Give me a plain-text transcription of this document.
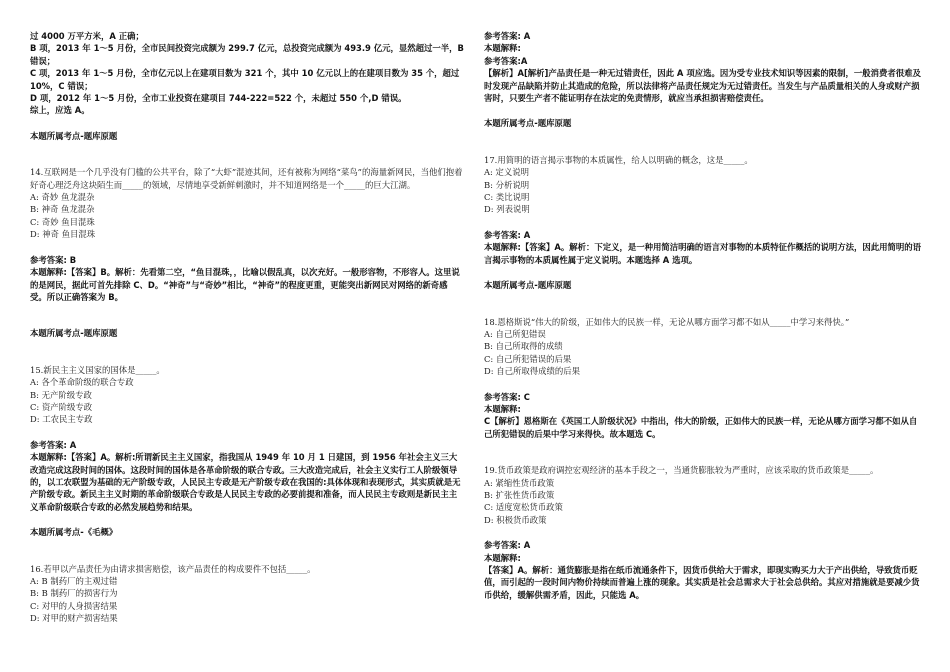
过 4000 万平方米，A 正确；

B 项，2013 年 1～5 月份，全市民间投资完成额为 299.7 亿元，总投资完成额为 493.9 亿元，显然超过一半，B 错误；

C 项，2013 年 1～5 月份，全市亿元以上在建项目数为 321 个，其中 10 亿元以上的在建项目数为 35 个，超过 10%，C 错误；

D 项，2012 年 1～5 月份，全市工业投资在建项目 744-222=522 个，未超过 550 个,D 错误。

综上，应选 A。

本题所属考点-题库原题

14.互联网是一个几乎没有门槛的公共平台，除了“大虾”混迹其间，还有被称为网络“菜鸟”的海量新网民，当他们抱着好奇心理泛舟这块陌生而_____的领域，尽情地享受新鲜刺激时，并不知道网络是一个_____的巨大江湖。

A: 奇妙 鱼龙混杂

B: 神奇 鱼龙混杂

C: 奇妙 鱼目混珠

D: 神奇 鱼目混珠

参考答案: B

本题解释:【答案】B。解析：先看第二空，“鱼目混珠，，比喻以假乱真，以次充好。一般形容物，不形容人。这里说的是网民，据此可首先排除 C、D。“神奇”与“奇妙”相比，“神奇”的程度更重，更能突出新网民对网络的新奇感受。所以正确答案为 B。

本题所属考点-题库原题

15.新民主主义国家的国体是_____。

A: 各个革命阶级的联合专政

B: 无产阶级专政

C: 资产阶级专政

D: 工农民主专政

参考答案: A

本题解释:【答案】A。解析:所谓新民主主义国家，指我国从 1949 年 10 月 1 日建国，到 1956 年社会主义三大改造完成这段时间的国体。这段时间的国体是各革命阶级的联合专政。三大改造完成后，社会主义实行工人阶级领导的，以工农联盟为基础的无产阶级专政，人民民主专政是无产阶级专政在我国的:具体体现和表现形式，其实质就是无产阶级专政。新民主主义时期的革命阶级联合专政是人民民主专政的必要前提和准备，而人民民主专政则是新民主主义革命阶级联合专政的必然发展趋势和结果。

本题所属考点-《毛概》

16.若甲以产品责任为由请求损害赔偿，该产品责任的构成要件不包括_____。

A: B 制药厂的主观过错

B: B 制药厂的损害行为

C: 对甲的人身损害结果

D: 对甲的财产损害结果

参考答案: A

本题解释:

参考答案:A

【解析】A[解析]产品责任是一种无过错责任，因此 A 项应选。因为受专业技术知识等因素的限制，一般消费者很难及时发现产品缺陷并防止其造成的危险，所以法律将产品责任规定为无过错责任。当发生与产品质量相关的人身或财产损害时，只要生产者不能证明存在法定的免责情形，就应当承担损害赔偿责任。

本题所属考点-题库原题

17.用简明的语言揭示事物的本质属性，给人以明确的概念，这是_____。

A: 定义说明

B: 分析说明

C: 类比说明

D: 列表说明

参考答案: A

本题解释:【答案】A。解析：下定义，是一种用简洁明确的语言对事物的本质特征作概括的说明方法，因此用简明的语言揭示事物的本质属性属于定义说明。本题选择 A 选项。

本题所属考点-题库原题

18.恩格斯说“伟大的阶级，正如伟大的民族一样，无论从哪方面学习都不如从_____中学习来得快。”

A: 自己所犯错误

B: 自己所取得的成绩

C: 自己所犯错误的后果

D: 自己所取得成绩的后果

参考答案: C

本题解释:

C【解析】恩格斯在《英国工人阶级状况》中指出，伟大的阶级，正如伟大的民族一样，无论从哪方面学习都不如从自己所犯错误的后果中学习来得快。故本题选 C。

19.货币政策是政府调控宏观经济的基本手段之一，当通货膨胀较为严重时，应该采取的货币政策是_____。

A: 紧缩性货币政策

B: 扩张性货币政策

C: 适度宽松货币政策

D: 积极货币政策

参考答案: A

本题解释:

【答案】A。解析：通货膨胀是指在纸币流通条件下，因货币供给大于需求，即现实购买力大于产出供给，导致货币贬值，而引起的一段时间内物价持续而普遍上涨的现象。其实质是社会总需求大于社会总供给。其应对措施就是要减少货币供给，缓解供需矛盾，因此，只能选 A。
